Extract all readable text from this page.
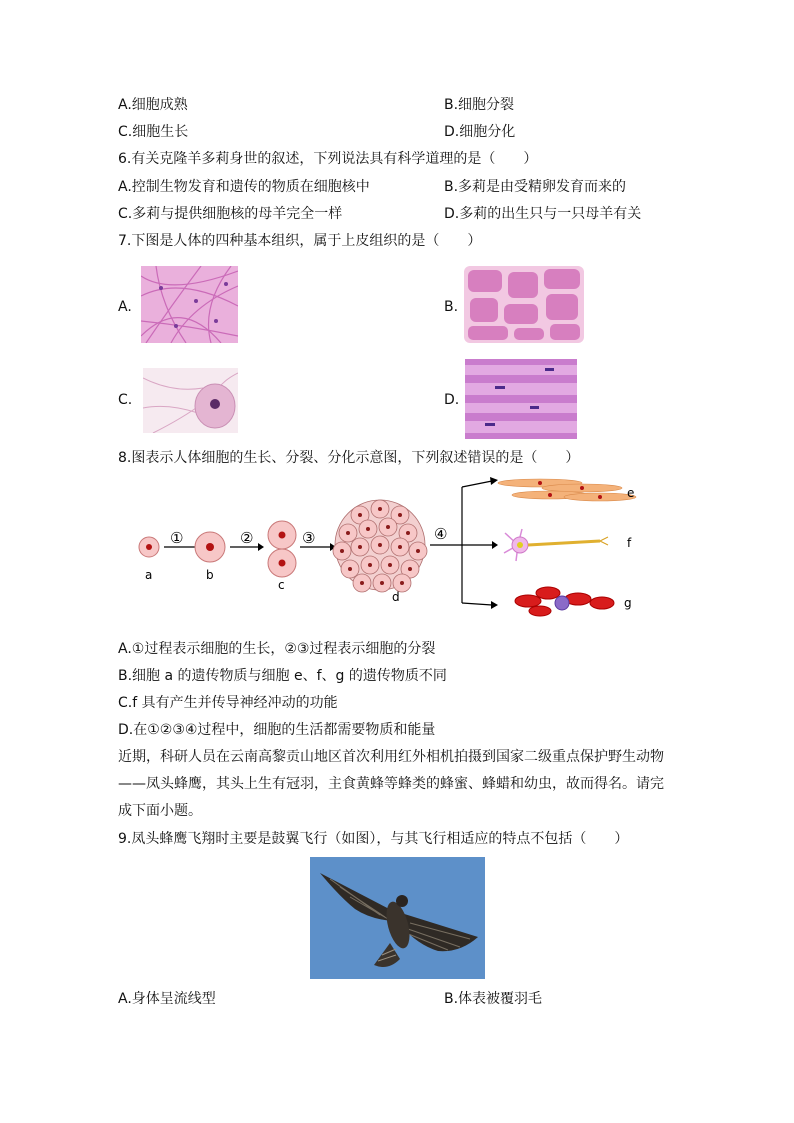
A.细胞成熟	B.细胞分裂
C.细胞生长	D.细胞分化
6.有关克隆羊多莉身世的叙述，下列说法具有科学道理的是（　　）
A.控制生物发育和遗传的物质在细胞核中	B.多莉是由受精卵发育而来的
C.多莉与提供细胞核的母羊完全一样	D.多莉的出生只与一只母羊有关
7.下图是人体的四种基本组织，属于上皮组织的是（　　）
A.	B.
C.	D.
8.图表示人体细胞的生长、分裂、分化示意图，下列叙述错误的是（　　）
①	②	③	④
a	b
c
d
e
f
g
A.①过程表示细胞的生长，②③过程表示细胞的分裂
B.细胞 a 的遗传物质与细胞 e、f、g 的遗传物质不同
C.f 具有产生并传导神经冲动的功能
D.在①②③④过程中，细胞的生活都需要物质和能量
近期，科研人员在云南高黎贡山地区首次利用红外相机拍摄到国家二级重点保护野生动物
——凤头蜂鹰，其头上生有冠羽，主食黄蜂等蜂类的蜂蜜、蜂蜡和幼虫，故而得名。请完
成下面小题。
9.凤头蜂鹰飞翔时主要是鼓翼飞行（如图），与其飞行相适应的特点不包括（　　）
A.身体呈流线型	B.体表被覆羽毛
